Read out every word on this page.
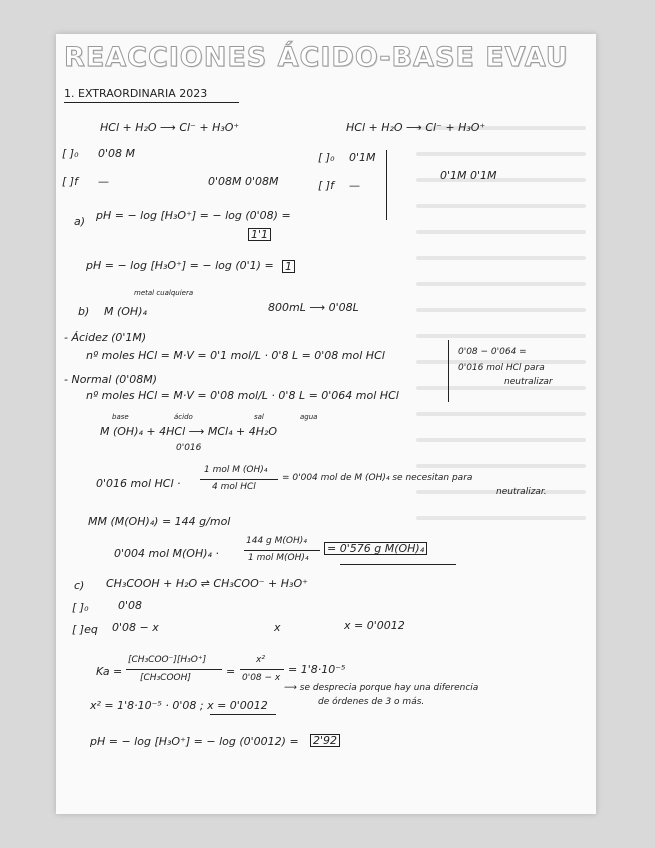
REACCIONES ÁCIDO-BASE EVAU
1. EXTRAORDINARIA 2023
HCl + H₂O ⟶ Cl⁻ + H₃O⁺	HCl + H₂O ⟶ Cl⁻ + H₃O⁺
[ ]₀ 0'08 M
[ ]f —	0'08M 0'08M
[ ]₀ 0'1M
[ ]f —
0'1M 0'1M
a) pH = − log [H₃O⁺] = − log (0'08) =
1'1
pH = − log [H₃O⁺] = − log (0'1) = 1
metal cualquiera
b) M (OH)₄	800mL ⟶ 0'08L
- Ácidez (0'1M)
nº moles HCl = M·V = 0'1 mol/L · 0'8 L = 0'08 mol HCl
- Normal (0'08M)
nº moles HCl = M·V = 0'08 mol/L · 0'8 L = 0'064 mol HCl
0'08 − 0'064 =
0'016 mol HCl para
neutralizar
base	ácido	sal	agua
M (OH)₄ + 4HCl ⟶ MCl₄ + 4H₂O
0'016
0'016 mol HCl ·
1 mol M (OH)₄
4 mol HCl
= 0'004 mol de M (OH)₄ se necesitan para
neutralizar.
MM (M(OH)₄) = 144 g/mol
0'004 mol M(OH)₄ ·
144 g M(OH)₄
1 mol M(OH)₄
= 0'576 g M(OH)₄
c) CH₃COOH + H₂O ⇌ CH₃COO⁻ + H₃O⁺
[ ]₀	0'08
[ ]eq 0'08 − x	x	x = 0'0012
Ka =
[CH₃COO⁻][H₃O⁺]
[CH₃COOH]	=
x²
0'08 − x
= 1'8·10⁻⁵
⟶ se desprecia porque hay una diferencia
de órdenes de 3 o más.
x² = 1'8·10⁻⁵ · 0'08 ; x = 0'0012
pH = − log [H₃O⁺] = − log (0'0012) = 2'92
